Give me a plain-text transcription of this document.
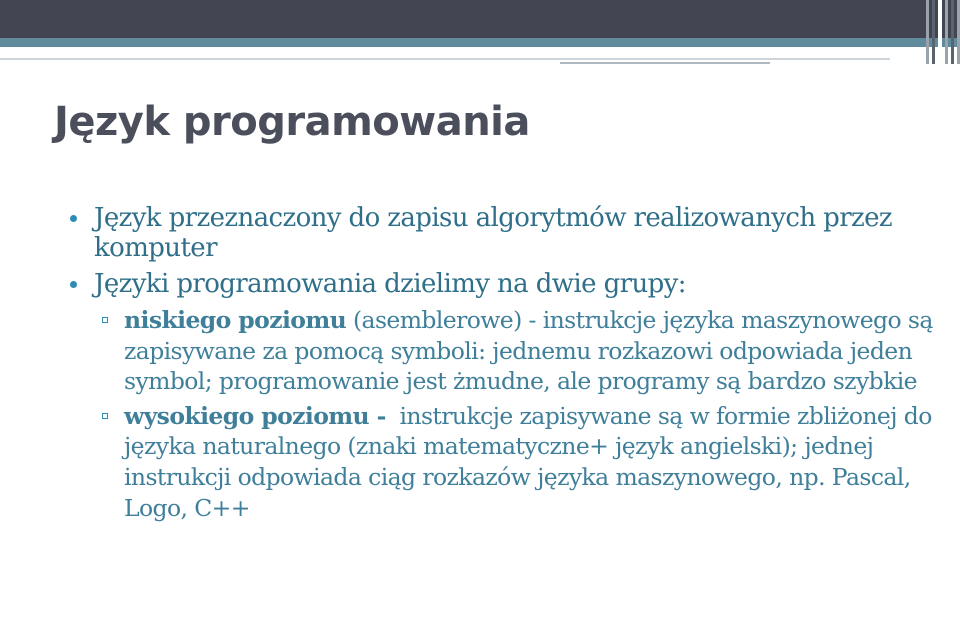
Język programowania
Język przeznaczony do zapisu algorytmów realizowanych przez komputer
Języki programowania dzielimy na dwie grupy:
niskiego poziomu (asemblerowe) - instrukcje języka maszynowego są zapisywane za pomocą symboli: jednemu rozkazowi odpowiada jeden symbol; programowanie jest żmudne, ale programy są bardzo szybkie
wysokiego poziomu -  instrukcje zapisywane są w formie zbliżonej do języka naturalnego (znaki matematyczne+ język angielski); jednej instrukcji odpowiada ciąg rozkazów języka maszynowego, np. Pascal, Logo, C++
